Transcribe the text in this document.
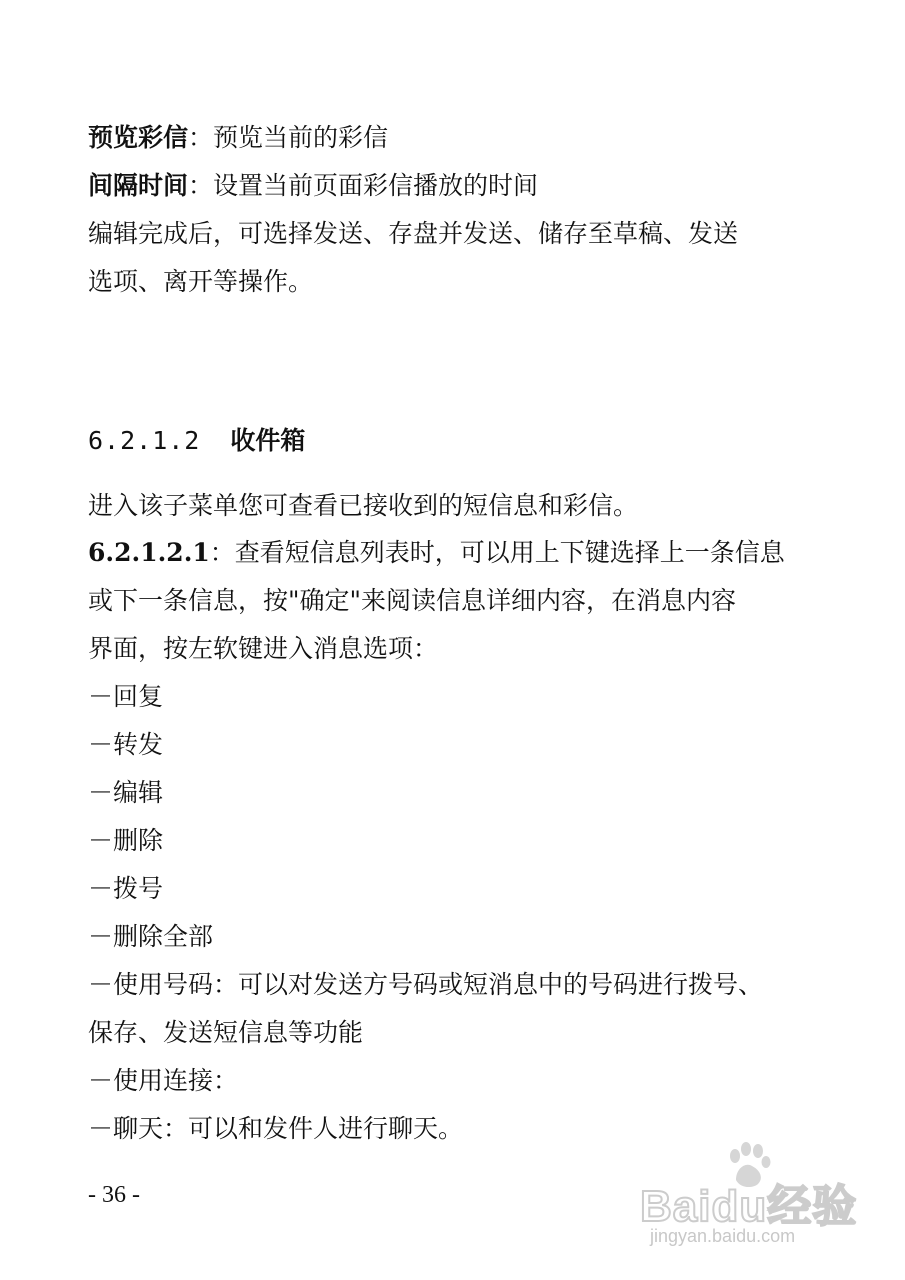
预览彩信：预览当前的彩信

间隔时间：设置当前页面彩信播放的时间

编辑完成后，可选择发送、存盘并发送、储存至草稿、发送

选项、离开等操作。

6.2.1.2 收件箱

进入该子菜单您可查看已接收到的短信息和彩信。

6.2.1.2.1：查看短信息列表时，可以用上下键选择上一条信息

或下一条信息，按"确定"来阅读信息详细内容，在消息内容

界面，按左软键进入消息选项：

－回复

－转发

－编辑

－删除

－拨号

－删除全部

－使用号码：可以对发送方号码或短消息中的号码进行拨号、

保存、发送短信息等功能

－使用连接：

－聊天：可以和发件人进行聊天。

- 36 -	Baidu经验
jingyan.baidu.com
